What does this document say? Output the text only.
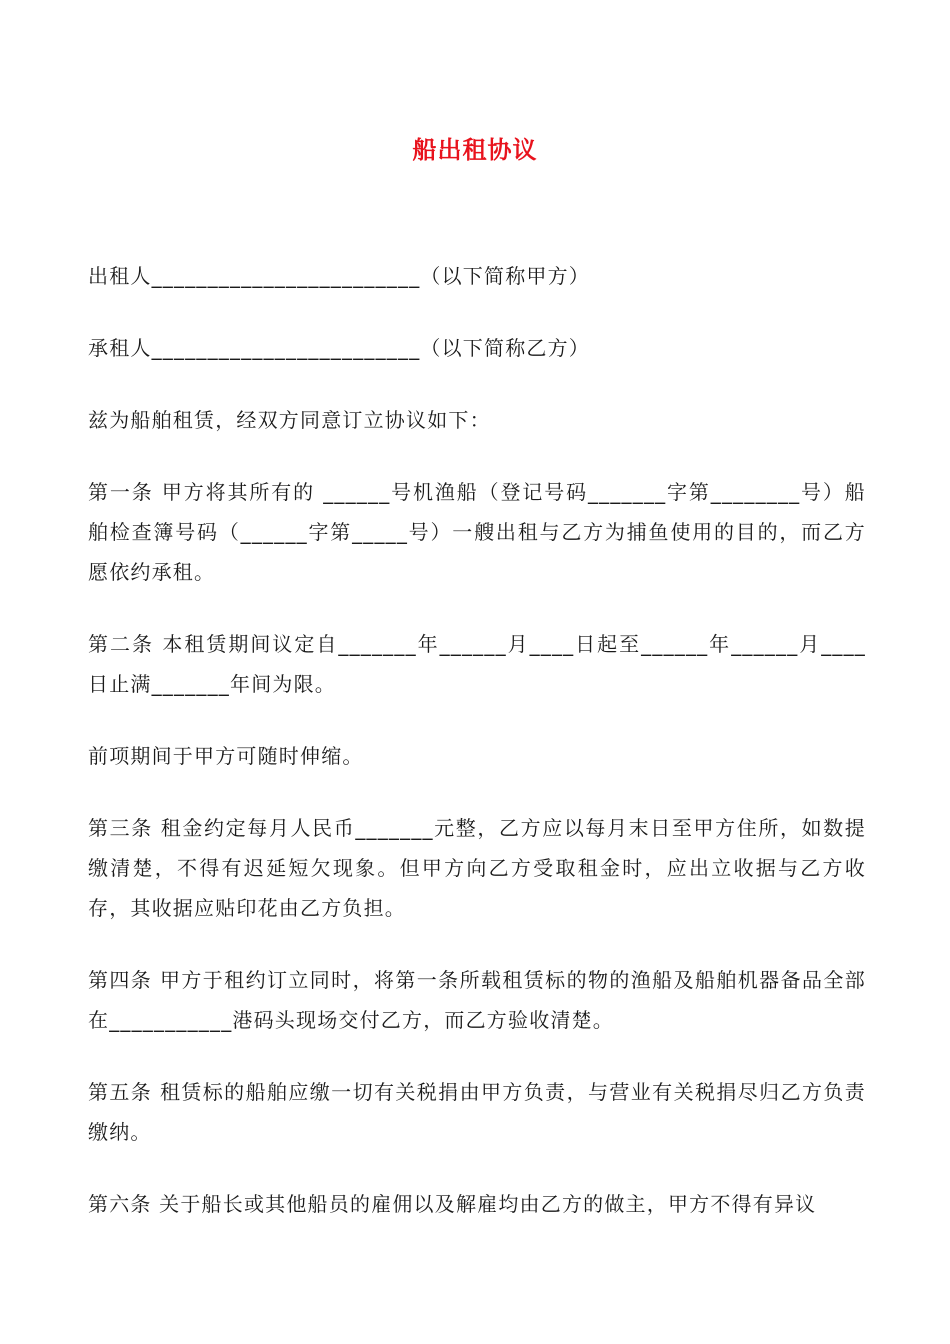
船出租协议

出租人________________________（以下简称甲方）

承租人________________________（以下简称乙方）

兹为船舶租赁，经双方同意订立协议如下：

第一条 甲方将其所有的 ______号机渔船（登记号码_______字第________号）船舶检查簿号码（______字第_____号）一艘出租与乙方为捕鱼使用的目的，而乙方愿依约承租。

第二条 本租赁期间议定自_______年______月____日起至______年______月____日止满_______年间为限。

前项期间于甲方可随时伸缩。

第三条 租金约定每月人民币_______元整，乙方应以每月末日至甲方住所，如数提缴清楚，不得有迟延短欠现象。但甲方向乙方受取租金时，应出立收据与乙方收存，其收据应贴印花由乙方负担。

第四条 甲方于租约订立同时，将第一条所载租赁标的物的渔船及船舶机器备品全部在___________港码头现场交付乙方，而乙方验收清楚。

第五条 租赁标的船舶应缴一切有关税捐由甲方负责，与营业有关税捐尽归乙方负责缴纳。

第六条 关于船长或其他船员的雇佣以及解雇均由乙方的做主，甲方不得有异议
